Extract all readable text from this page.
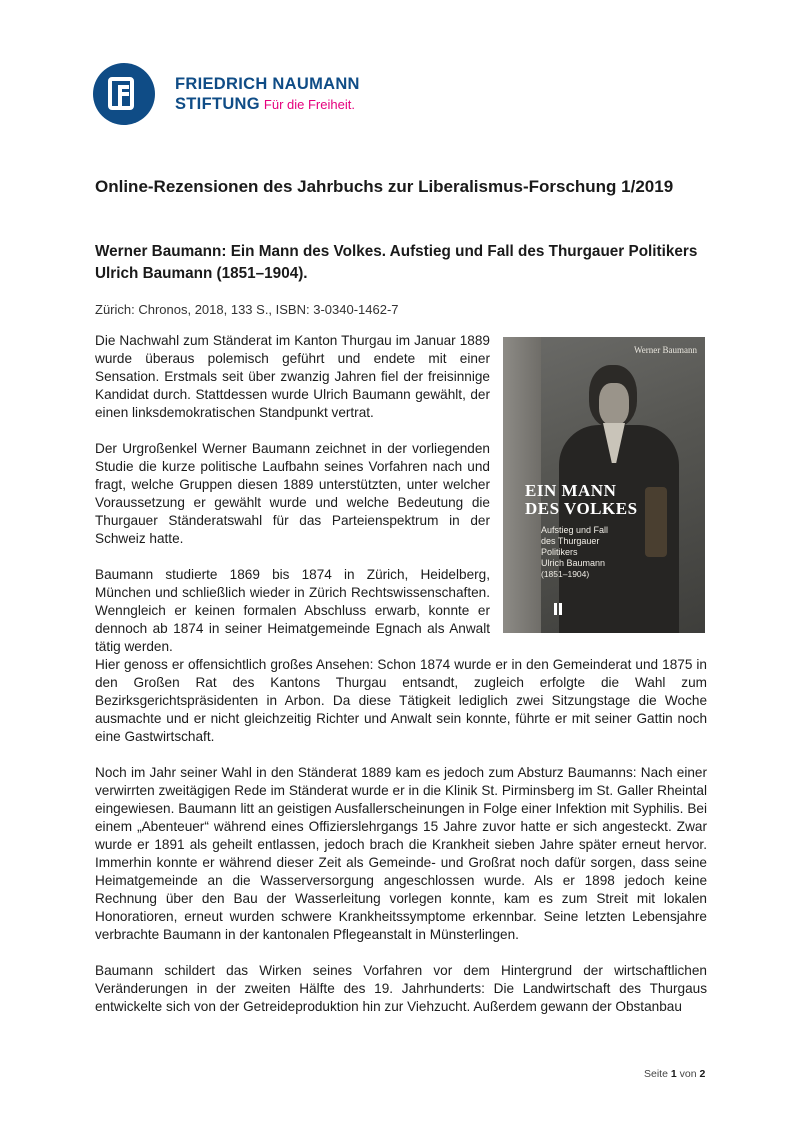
FRIEDRICH NAUMANN
STIFTUNG Für die Freiheit.
Online-Rezensionen des Jahrbuchs zur Liberalismus-Forschung 1/2019
Werner Baumann: Ein Mann des Volkes. Aufstieg und Fall des Thurgauer Politikers Ulrich Baumann (1851–1904).
Zürich: Chronos, 2018, 133 S., ISBN: 3-0340-1462-7
Werner Baumann
EIN MANN
DES VOLKES
Aufstieg und Fall
des Thurgauer
Politikers
Ulrich Baumann
(1851–1904)

Die Nachwahl zum Ständerat im Kanton Thurgau im Januar 1889 wurde überaus polemisch geführt und endete mit einer Sensation. Erstmals seit über zwanzig Jahren fiel der freisinnige Kandidat durch. Stattdessen wurde Ulrich Baumann gewählt, der einen linksdemokratischen Standpunkt vertrat.

Der Urgroßenkel Werner Baumann zeichnet in der vorliegenden Studie die kurze politische Laufbahn seines Vorfahren nach und fragt, welche Gruppen diesen 1889 unterstützten, unter welcher Voraussetzung er gewählt wurde und welche Bedeutung die Thurgauer Ständeratswahl für das Parteienspektrum in der Schweiz hatte.

Baumann studierte 1869 bis 1874 in Zürich, Heidelberg, München und schließlich wieder in Zürich Rechtswissenschaften. Wenngleich er keinen formalen Abschluss erwarb, konnte er dennoch ab 1874 in seiner Heimatgemeinde Egnach als Anwalt tätig werden.
Hier genoss er offensichtlich großes Ansehen: Schon 1874 wurde er in den Gemeinderat und 1875 in den Großen Rat des Kantons Thurgau entsandt, zugleich erfolgte die Wahl zum Bezirksgerichtspräsidenten in Arbon. Da diese Tätigkeit lediglich zwei Sitzungstage die Woche ausmachte und er nicht gleichzeitig Richter und Anwalt sein konnte, führte er mit seiner Gattin noch eine Gastwirtschaft.

Noch im Jahr seiner Wahl in den Ständerat 1889 kam es jedoch zum Absturz Baumanns: Nach einer verwirrten zweitägigen Rede im Ständerat wurde er in die Klinik St. Pirminsberg im St. Galler Rheintal eingewiesen. Baumann litt an geistigen Ausfallerscheinungen in Folge einer Infektion mit Syphilis. Bei einem „Abenteuer“ während eines Offizierslehrgangs 15 Jahre zuvor hatte er sich angesteckt. Zwar wurde er 1891 als geheilt entlassen, jedoch brach die Krankheit sieben Jahre später erneut hervor. Immerhin konnte er während dieser Zeit als Gemeinde- und Großrat noch dafür sorgen, dass seine Heimatgemeinde an die Wasserversorgung angeschlossen wurde. Als er 1898 jedoch keine Rechnung über den Bau der Wasserleitung vorlegen konnte, kam es zum Streit mit lokalen Honoratioren, erneut wurden schwere Krankheitssymptome erkennbar. Seine letzten Lebensjahre verbrachte Baumann in der kantonalen Pflegeanstalt in Münsterlingen.

Baumann schildert das Wirken seines Vorfahren vor dem Hintergrund der wirtschaftlichen Veränderungen in der zweiten Hälfte des 19. Jahrhunderts: Die Landwirtschaft des Thurgaus entwickelte sich von der Getreideproduktion hin zur Viehzucht. Außerdem gewann der Obstanbau

Seite 1 von 2
